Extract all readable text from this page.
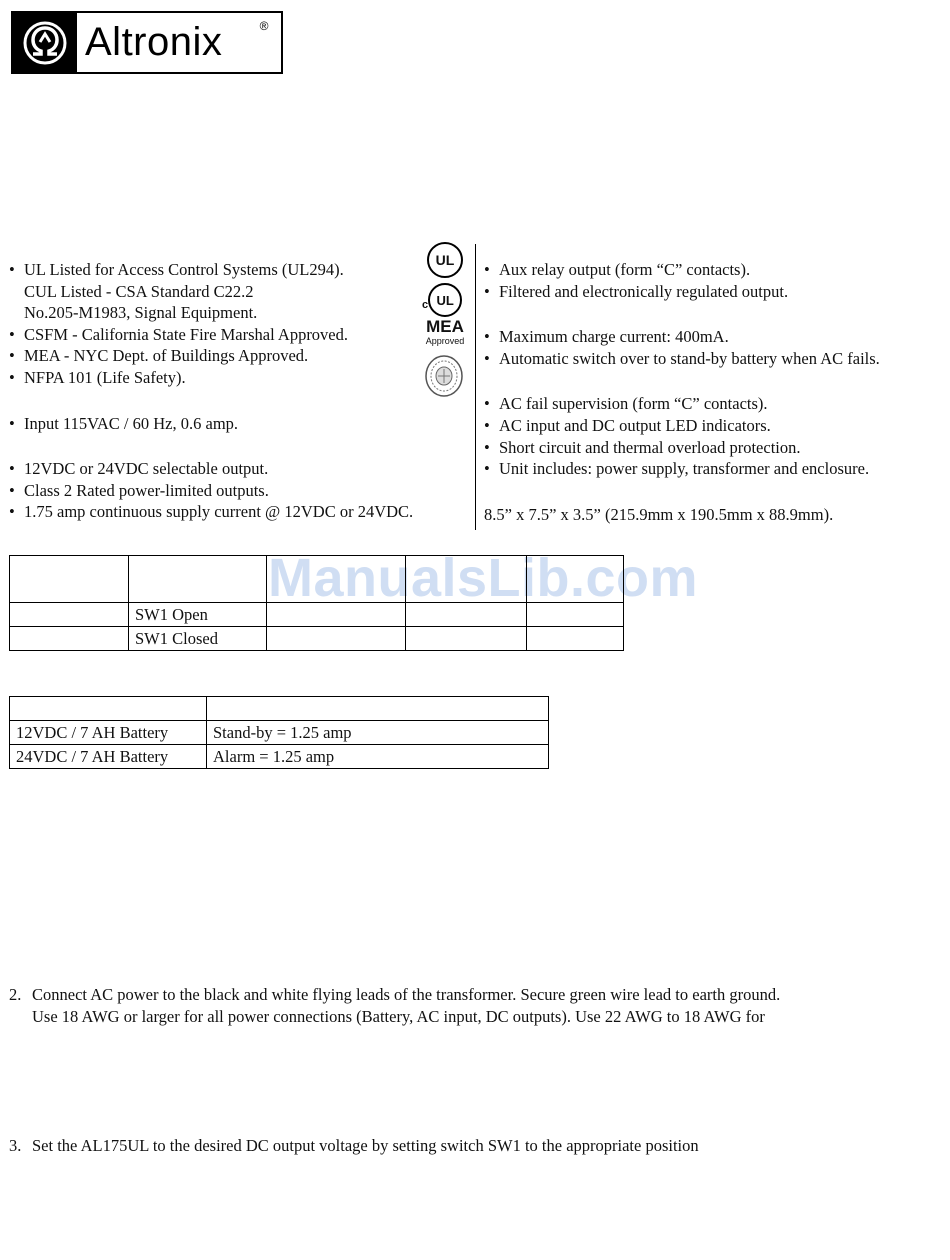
Altronix	®
• UL Listed for Access Control Systems (UL294).
CUL Listed - CSA Standard C22.2
No.205-M1983, Signal Equipment.
• CSFM - California State Fire Marshal Approved.
• MEA - NYC Dept. of Buildings Approved.
• NFPA 101 (Life Safety).
• Input 115VAC / 60 Hz, 0.6 amp.
• 12VDC or 24VDC selectable output.
• Class 2 Rated power-limited outputs.
• 1.75 amp continuous supply current @ 12VDC or 24VDC.
• Aux relay output (form “C” contacts).
• Filtered and electronically regulated output.
• Maximum charge current: 400mA.
• Automatic switch over to stand-by battery when AC fails.
• AC fail supervision (form “C” contacts).
• AC input and DC output LED indicators.
• Short circuit and thermal overload protection.
• Unit includes: power supply, transformer and enclosure.
8.5” x 7.5” x 3.5” (215.9mm x 190.5mm x 88.9mm).
UL
c UL
MEA
Approved
ManualsLib.com

	SW1 Open			
	SW1 Closed			

12VDC / 7 AH Battery	Stand-by = 1.25 amp
24VDC / 7 AH Battery	Alarm = 1.25 amp
2. Connect AC power to the black and white flying leads of the transformer. Secure green wire lead to earth ground.
Use 18 AWG or larger for all power connections (Battery, AC input, DC outputs). Use 22 AWG to 18 AWG for
3. Set the AL175UL to the desired DC output voltage by setting switch SW1 to the appropriate position
